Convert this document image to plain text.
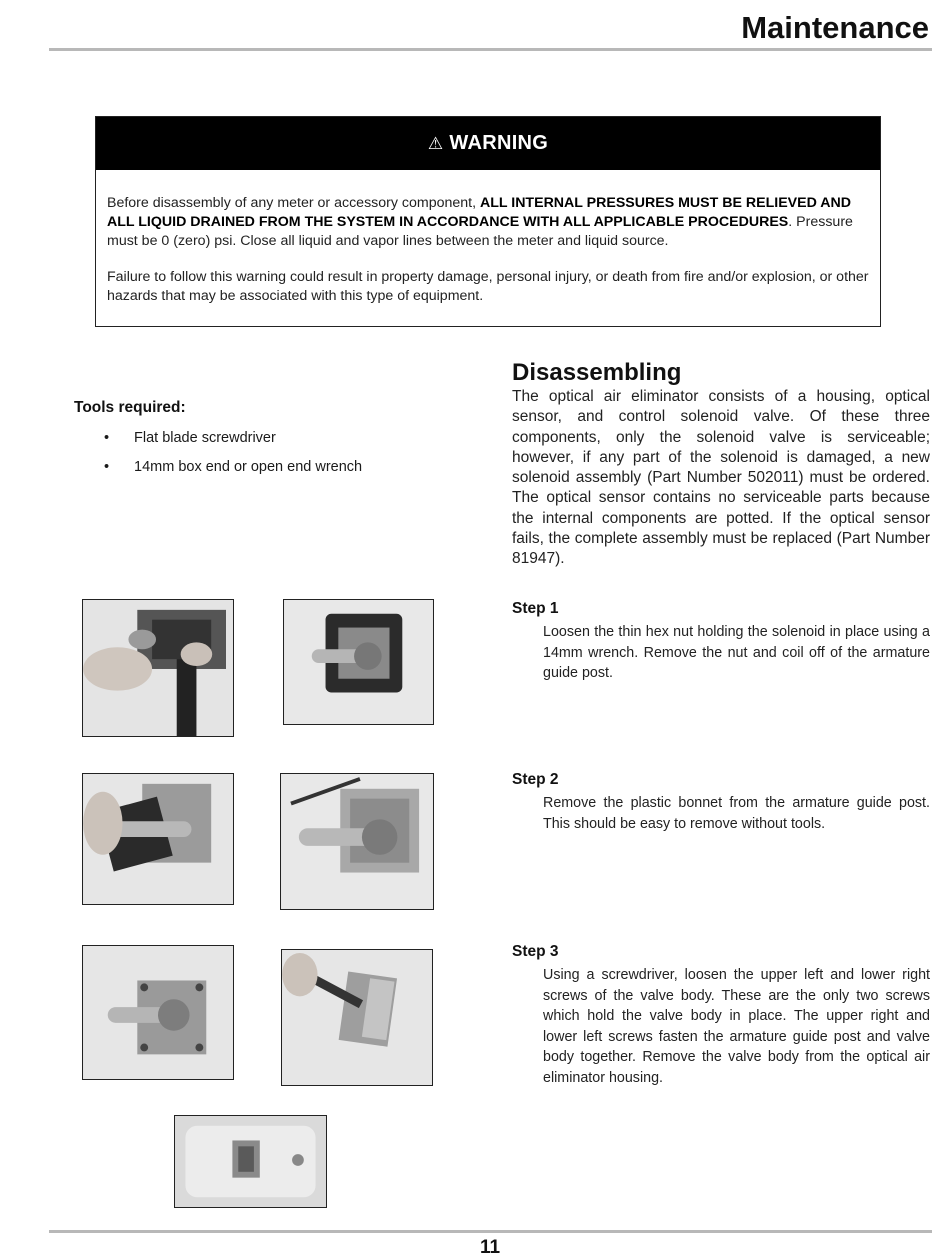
Maintenance
⚠ WARNING

Before disassembly of any meter or accessory component, ALL INTERNAL PRESSURES MUST BE RELIEVED AND ALL LIQUID DRAINED FROM THE SYSTEM IN ACCORDANCE WITH ALL APPLICABLE PROCEDURES. Pressure must be 0 (zero) psi. Close all liquid and vapor lines between the meter and liquid source.

Failure to follow this warning could result in property damage, personal injury, or death from fire and/or explosion, or other hazards that may be associated with this type of equipment.

Tools required:
• Flat blade screwdriver
• 14mm box end or open end wrench
Disassembling

The optical air eliminator consists of a housing, optical sensor, and control solenoid valve. Of these three components, only the solenoid valve is serviceable; however, if any part of the solenoid is damaged, a new solenoid assembly (Part Number 502011) must be ordered. The optical sensor contains no serviceable parts because the internal components are potted. If the optical sensor fails, the complete assembly must be replaced (Part Number 81947).

Step 1

Loosen the thin hex nut holding the solenoid in place using a 14mm wrench. Remove the nut and coil off of the armature guide post.

Step 2

Remove the plastic bonnet from the armature guide post. This should be easy to remove without tools.

Step 3

Using a screwdriver, loosen the upper left and lower right screws of the valve body. These are the only two screws which hold the valve body in place. The upper right and lower left screws fasten the armature guide post and valve body together. Remove the valve body from the optical air eliminator housing.

11
